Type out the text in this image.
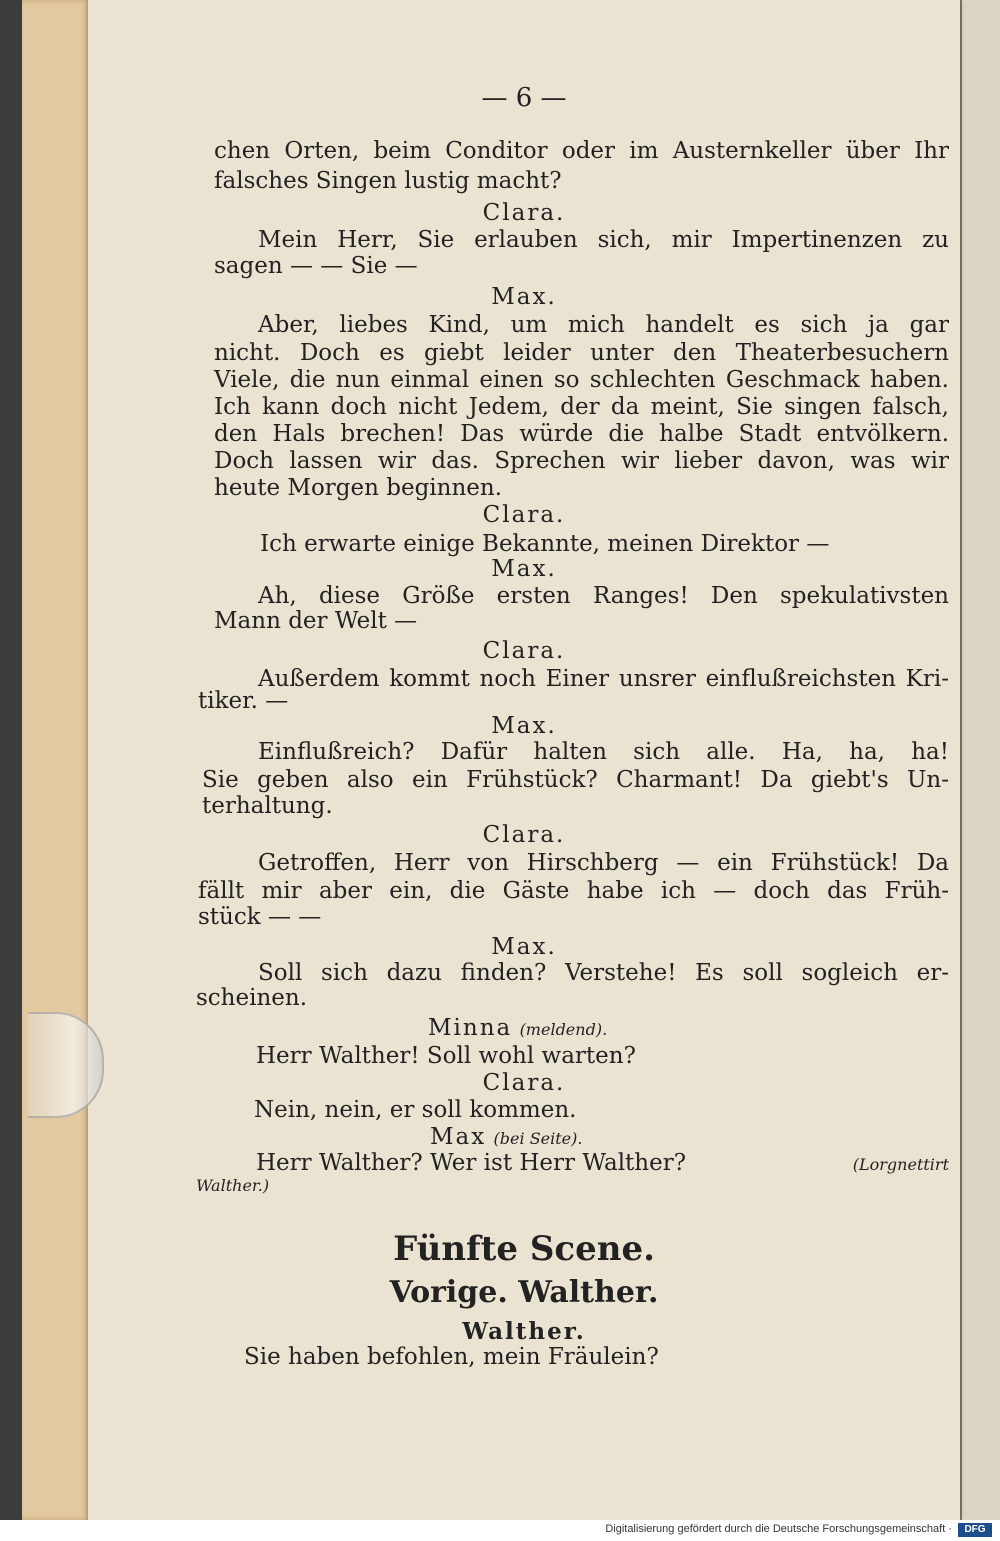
— 6 —
chen Orten, beim Conditor oder im Austernkeller über Ihr
falsches Singen lustig macht?
Clara.
Mein Herr, Sie erlauben sich, mir Impertinenzen zu
sagen — — Sie —
Max.
Aber, liebes Kind, um mich handelt es sich ja gar
nicht. Doch es giebt leider unter den Theaterbesuchern
Viele, die nun einmal einen so schlechten Geschmack haben.
Ich kann doch nicht Jedem, der da meint, Sie singen falsch,
den Hals brechen! Das würde die halbe Stadt entvölkern.
Doch lassen wir das. Sprechen wir lieber davon, was wir
heute Morgen beginnen.
Clara.
Ich erwarte einige Bekannte, meinen Direktor —
Max.
Ah, diese Größe ersten Ranges! Den spekulativsten
Mann der Welt —
Clara.
Außerdem kommt noch Einer unsrer einflußreichsten Kri-
tiker. —
Max.
Einflußreich? Dafür halten sich alle. Ha, ha, ha!
Sie geben also ein Frühstück? Charmant! Da giebt's Un-
terhaltung.
Clara.
Getroffen, Herr von Hirschberg — ein Frühstück! Da
fällt mir aber ein, die Gäste habe ich — doch das Früh-
stück — —
Max.
Soll sich dazu finden? Verstehe! Es soll sogleich er-
scheinen.
Minna (meldend).
Herr Walther! Soll wohl warten?
Clara.
Nein, nein, er soll kommen.
Max (bei Seite).
Herr Walther? Wer ist Herr Walther?	(Lorgnettirt
Walther.)
Fünfte Scene.
Vorige. Walther.
Walther.
Sie haben befohlen, mein Fräulein?
Digitalisierung gefördert durch die Deutsche Forschungsgemeinschaft ·	DFG
